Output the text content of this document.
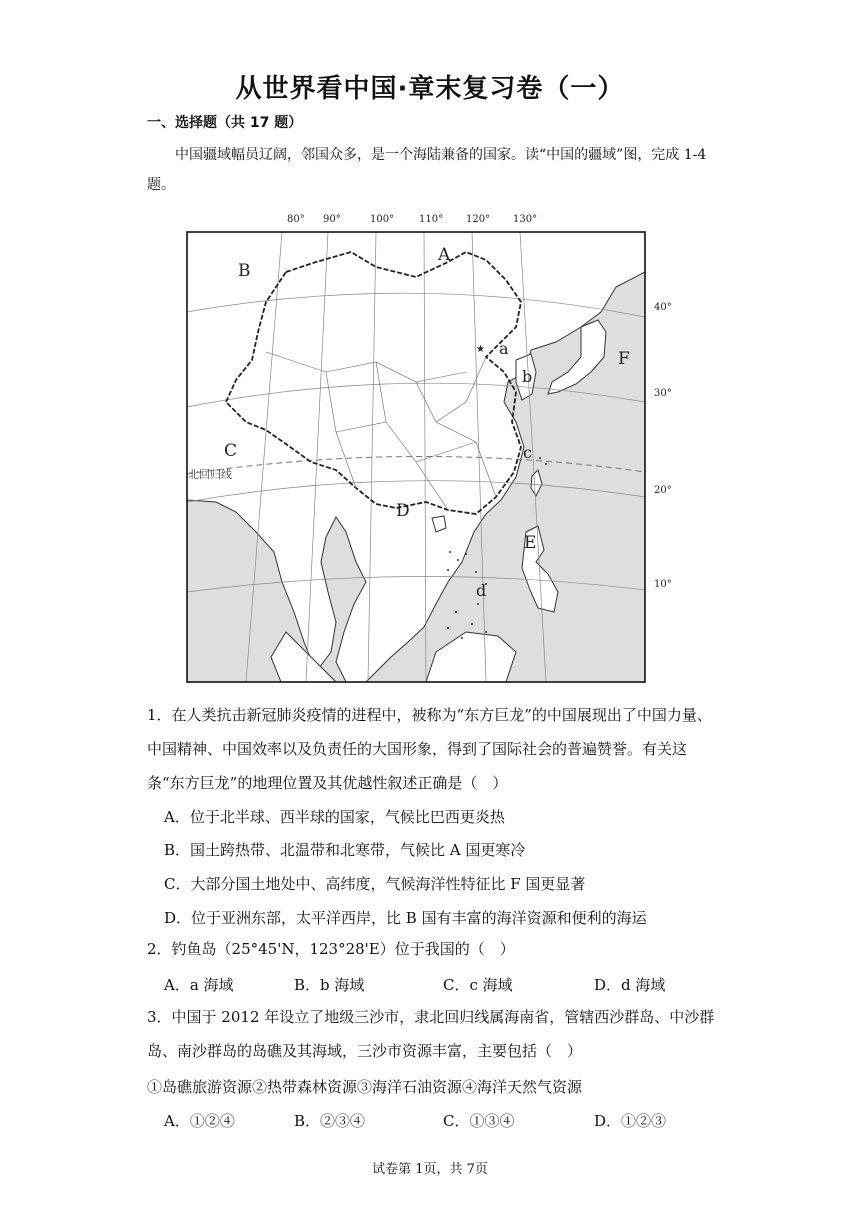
从世界看中国·章末复习卷（一）
一、选择题（共 17 题）
中国疆域幅员辽阔，邻国众多，是一个海陆兼备的国家。读“中国的疆域”图，完成 1-4 题。
80° 90°	100° 110° 120° 130°
40°
30°
20°
10°
★
A
B
C
D
E
F
a
b
c
d
北回归线
1．在人类抗击新冠肺炎疫情的进程中，被称为“东方巨龙”的中国展现出了中国力量、中国精神、中国效率以及负责任的大国形象，得到了国际社会的普遍赞誉。有关这条“东方巨龙”的地理位置及其优越性叙述正确是（　）
A．位于北半球、西半球的国家，气候比巴西更炎热
B．国土跨热带、北温带和北寒带，气候比 A 国更寒冷
C．大部分国土地处中、高纬度，气候海洋性特征比 F 国更显著
D．位于亚洲东部，太平洋西岸，比 B 国有丰富的海洋资源和便利的海运
2．钓鱼岛（25°45'N，123°28'E）位于我国的（　）
A．a 海域	B．b 海域	C．c 海域	D．d 海域
3．中国于 2012 年设立了地级三沙市，隶北回归线属海南省，管辖西沙群岛、中沙群岛、南沙群岛的岛礁及其海域，三沙市资源丰富，主要包括（　）
①岛礁旅游资源②热带森林资源③海洋石油资源④海洋天然气资源
A．①②④	B．②③④	C．①③④	D．①②③
试卷第 1页，共 7页
